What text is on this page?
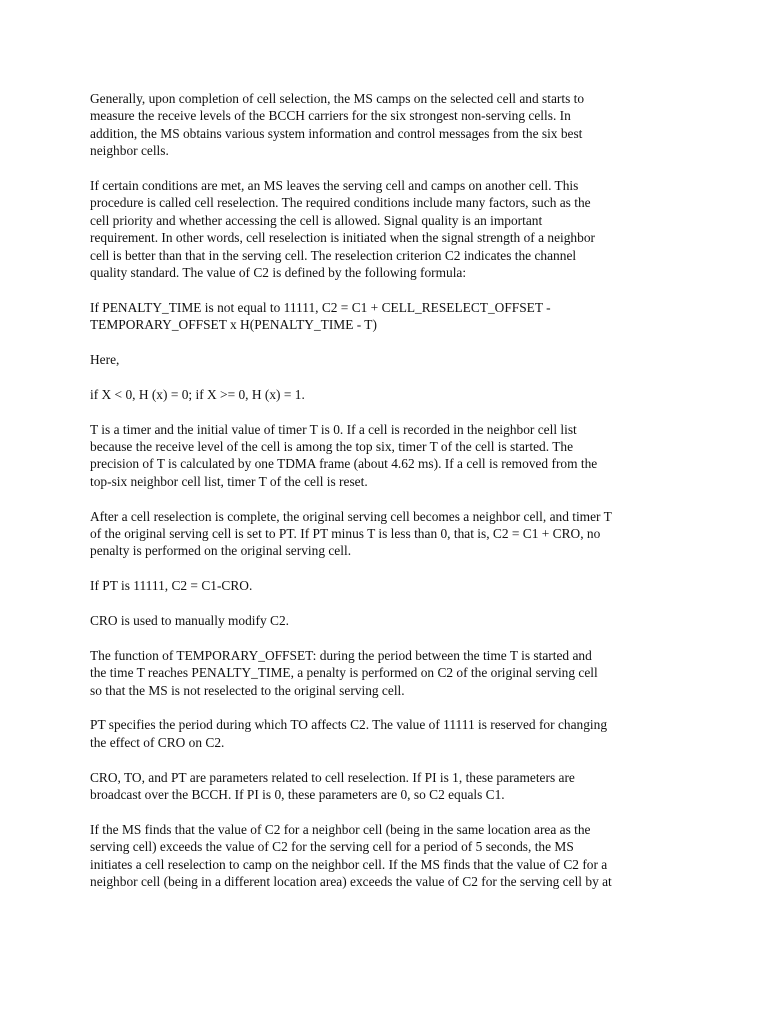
Generally, upon completion of cell selection, the MS camps on the selected cell and starts to
measure the receive levels of the BCCH carriers for the six strongest non-serving cells. In
addition, the MS obtains various system information and control messages from the six best
neighbor cells.

If certain conditions are met, an MS leaves the serving cell and camps on another cell. This
procedure is called cell reselection. The required conditions include many factors, such as the
cell priority and whether accessing the cell is allowed. Signal quality is an important
requirement. In other words, cell reselection is initiated when the signal strength of a neighbor
cell is better than that in the serving cell. The reselection criterion C2 indicates the channel
quality standard. The value of C2 is defined by the following formula:

If PENALTY_TIME is not equal to 11111, C2 = C1 + CELL_RESELECT_OFFSET -
TEMPORARY_OFFSET x H(PENALTY_TIME - T)

Here,

if X < 0, H (x) = 0; if X >= 0, H (x) = 1.

T is a timer and the initial value of timer T is 0. If a cell is recorded in the neighbor cell list
because the receive level of the cell is among the top six, timer T of the cell is started. The
precision of T is calculated by one TDMA frame (about 4.62 ms). If a cell is removed from the
top-six neighbor cell list, timer T of the cell is reset.

After a cell reselection is complete, the original serving cell becomes a neighbor cell, and timer T
of the original serving cell is set to PT. If PT minus T is less than 0, that is, C2 = C1 + CRO, no
penalty is performed on the original serving cell.

If PT is 11111, C2 = C1-CRO.

CRO is used to manually modify C2.

The function of TEMPORARY_OFFSET: during the period between the time T is started and
the time T reaches PENALTY_TIME, a penalty is performed on C2 of the original serving cell
so that the MS is not reselected to the original serving cell.

PT specifies the period during which TO affects C2. The value of 11111 is reserved for changing
the effect of CRO on C2.

CRO, TO, and PT are parameters related to cell reselection. If PI is 1, these parameters are
broadcast over the BCCH. If PI is 0, these parameters are 0, so C2 equals C1.

If the MS finds that the value of C2 for a neighbor cell (being in the same location area as the
serving cell) exceeds the value of C2 for the serving cell for a period of 5 seconds, the MS
initiates a cell reselection to camp on the neighbor cell. If the MS finds that the value of C2 for a
neighbor cell (being in a different location area) exceeds the value of C2 for the serving cell by at
